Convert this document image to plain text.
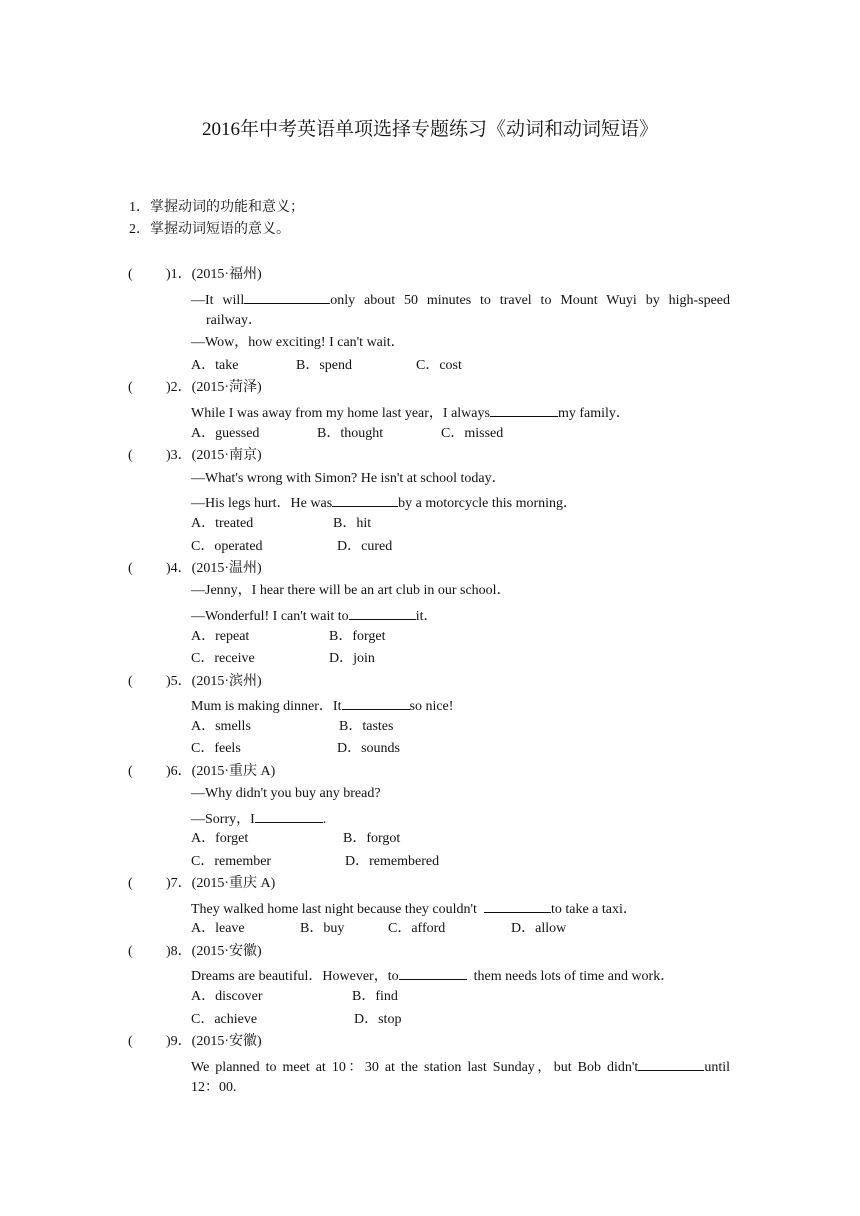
2016年中考英语单项选择专题练习《动词和动词短语》
1．掌握动词的功能和意义；
2．掌握动词短语的意义。
( )1．(2015·福州)
—It will	only about 50 minutes to travel to Mount Wuyi by high-speed
railway．
—Wow，how exciting! I can't wait．
A．take	B．spend	C．cost
( )2．(2015·菏泽)
While I was away from my home last year，I always	my family．
A．guessed	B．thought	C．missed
( )3．(2015·南京)
—What's wrong with Simon? He isn't at school today．
—His legs hurt．He was	by a motorcycle this morning．
A．treated	B．hit
C．operated	D．cured
( )4．(2015·温州)
—Jenny，I hear there will be an art club in our school．
—Wonderful! I can't wait to	it．
A．repeat	B．forget
C．receive	D．join
( )5．(2015·滨州)
Mum is making dinner．It	so nice!
A．smells	B．tastes
C．feels	D．sounds
( )6．(2015·重庆 A)
—Why didn't you buy any bread?
—Sorry，I	.
A．forget	B．forgot
C．remember	D．remembered
( )7．(2015·重庆 A)
They walked home last night because they couldn't	to take a taxi．
A．leave	B．buy	C．afford	D．allow
( )8．(2015·安徽)
Dreams are beautiful．However，to	them needs lots of time and work．
A．discover	B．find
C．achieve	D．stop
( )9．(2015·安徽)
We planned to meet at 10：30 at the station last Sunday，but Bob didn't	until
12：00.
